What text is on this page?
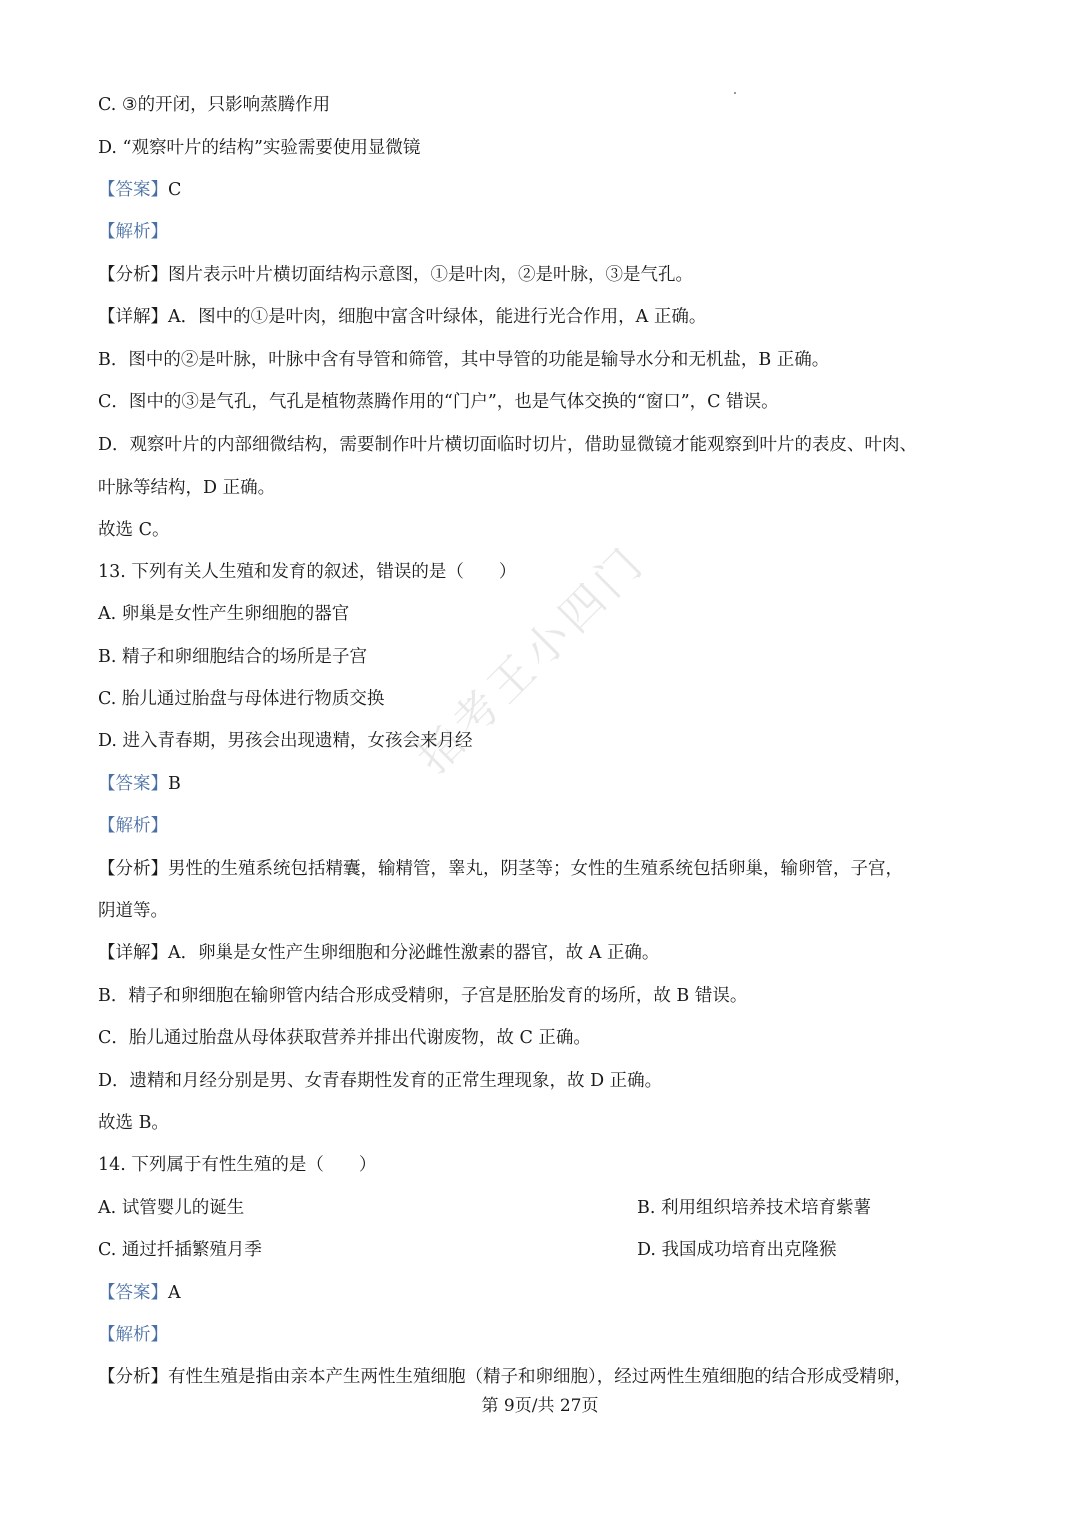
指考王小四门
C. ③的开闭，只影响蒸腾作用
D. “观察叶片的结构”实验需要使用显微镜
【答案】C
【解析】
【分析】图片表示叶片横切面结构示意图，①是叶肉，②是叶脉，③是气孔。
【详解】A．图中的①是叶肉，细胞中富含叶绿体，能进行光合作用，A 正确。
B．图中的②是叶脉，叶脉中含有导管和筛管，其中导管的功能是输导水分和无机盐，B 正确。
C．图中的③是气孔，气孔是植物蒸腾作用的“门户”，也是气体交换的“窗口”，C 错误。
D．观察叶片的内部细微结构，需要制作叶片横切面临时切片，借助显微镜才能观察到叶片的表皮、叶肉、
叶脉等结构，D 正确。
故选 C。
13. 下列有关人生殖和发育的叙述，错误的是（　　）
A. 卵巢是女性产生卵细胞的器官
B. 精子和卵细胞结合的场所是子宫
C. 胎儿通过胎盘与母体进行物质交换
D. 进入青春期，男孩会出现遗精，女孩会来月经
【答案】B
【解析】
【分析】男性的生殖系统包括精囊，输精管，睾丸，阴茎等；女性的生殖系统包括卵巢，输卵管，子宫，
阴道等。
【详解】A．卵巢是女性产生卵细胞和分泌雌性激素的器官，故 A 正确。
B．精子和卵细胞在输卵管内结合形成受精卵，子宫是胚胎发育的场所，故 B 错误。
C．胎儿通过胎盘从母体获取营养并排出代谢废物，故 C 正确。
D．遗精和月经分别是男、女青春期性发育的正常生理现象，故 D 正确。
故选 B。
14. 下列属于有性生殖的是（　　）
A. 试管婴儿的诞生	B. 利用组织培养技术培育紫薯
C. 通过扦插繁殖月季	D. 我国成功培育出克隆猴
【答案】A
【解析】
【分析】有性生殖是指由亲本产生两性生殖细胞（精子和卵细胞），经过两性生殖细胞的结合形成受精卵，
第 9页/共 27页
